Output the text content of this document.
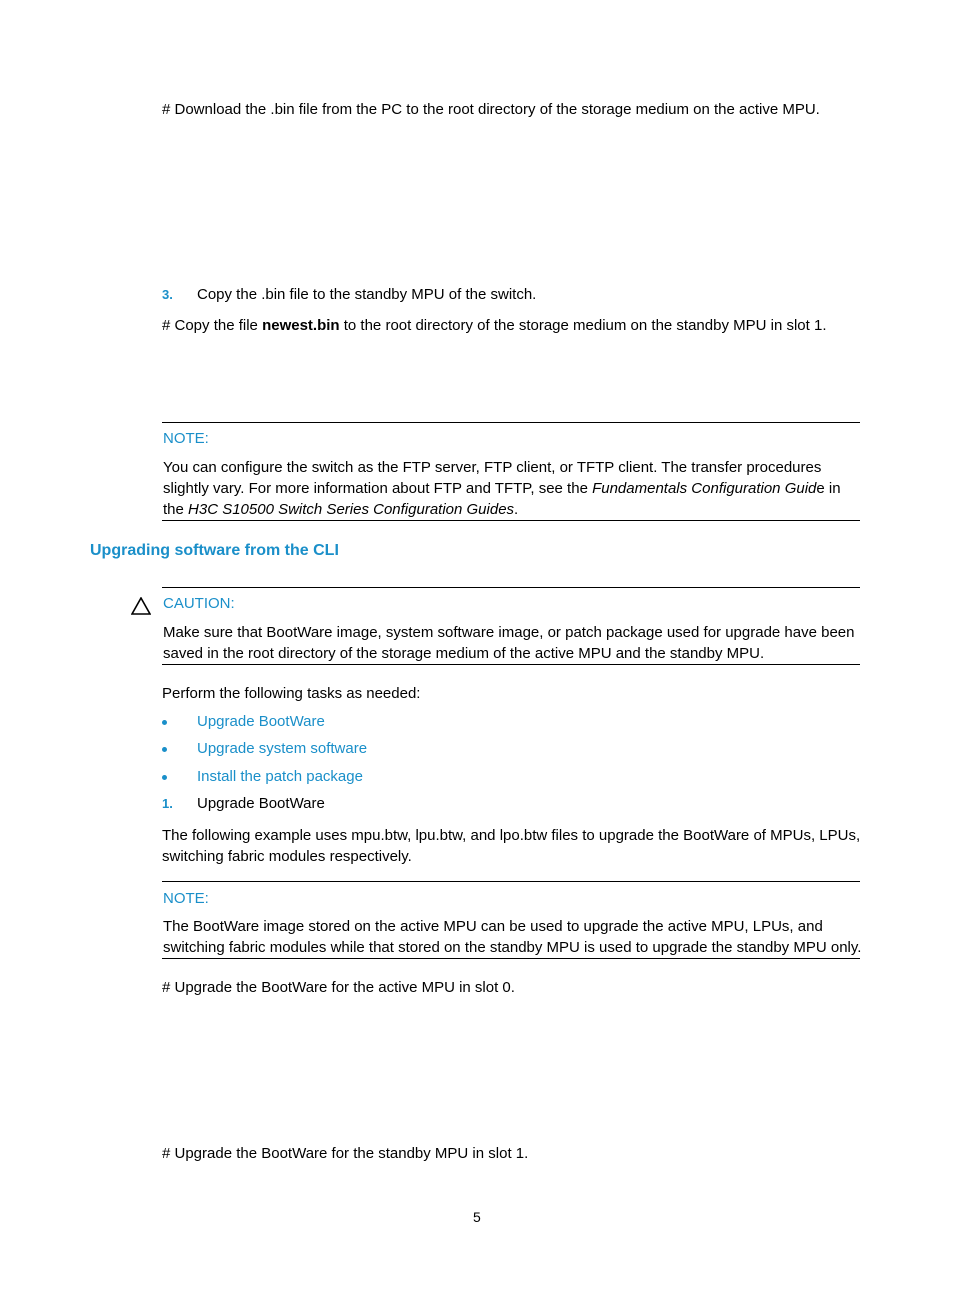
# Download the .bin file from the PC to the root directory of the storage medium on the active MPU.
3. Copy the .bin file to the standby MPU of the switch.
# Copy the file newest.bin to the root directory of the storage medium on the standby MPU in slot 1.
NOTE:
You can configure the switch as the FTP server, FTP client, or TFTP client. The transfer procedures slightly vary. For more information about FTP and TFTP, see the Fundamentals Configuration Guide in the H3C S10500 Switch Series Configuration Guides.
Upgrading software from the CLI
CAUTION:
Make sure that BootWare image, system software image, or patch package used for upgrade have been saved in the root directory of the storage medium of the active MPU and the standby MPU.
Perform the following tasks as needed:
Upgrade BootWare
Upgrade system software
Install the patch package
1. Upgrade BootWare
The following example uses mpu.btw, lpu.btw, and lpo.btw files to upgrade the BootWare of MPUs, LPUs, switching fabric modules respectively.
NOTE:
The BootWare image stored on the active MPU can be used to upgrade the active MPU, LPUs, and switching fabric modules while that stored on the standby MPU is used to upgrade the standby MPU only.
# Upgrade the BootWare for the active MPU in slot 0.
# Upgrade the BootWare for the standby MPU in slot 1.
5
